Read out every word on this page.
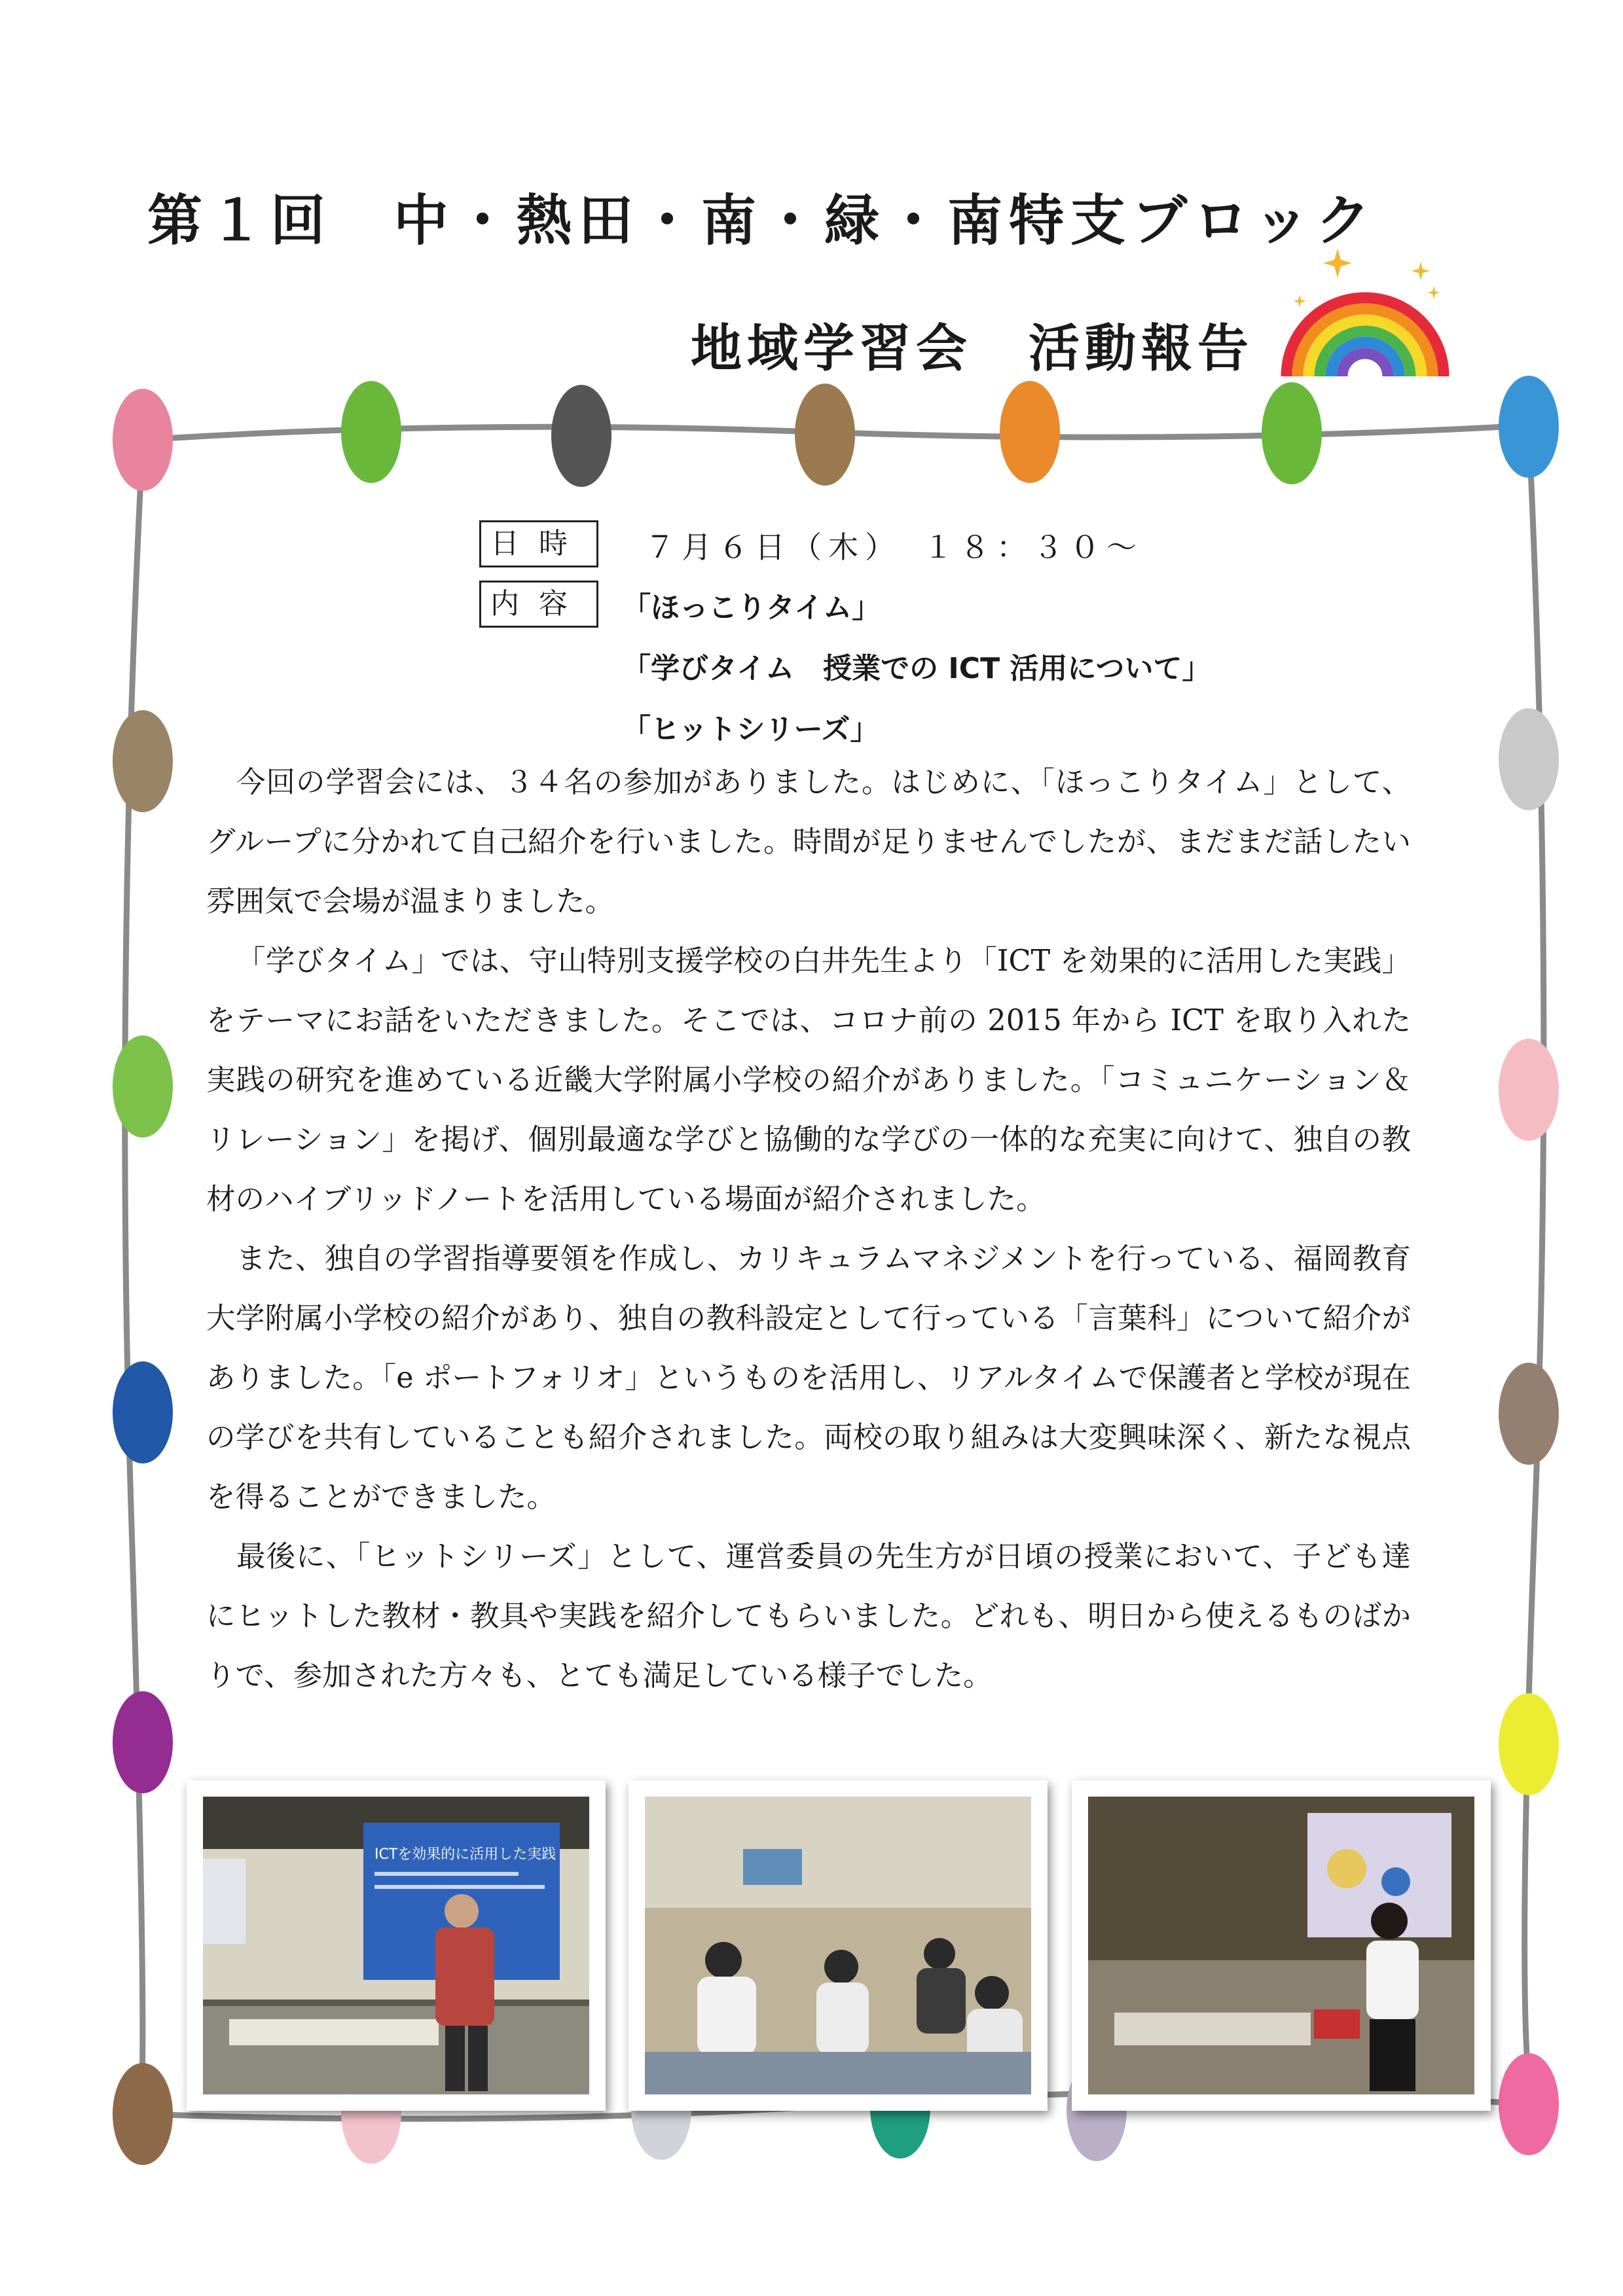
第１回　中・熱田・南・緑・南特支ブロック
地域学習会　活動報告
日時	７月６日（木）　１８：３０～
内容	「ほっこりタイム」
「学びタイム　授業での ICT 活用について」
「ヒットシリーズ」

今回の学習会には、３４名の参加がありました。はじめに、「ほっこりタイム」として、グループに分かれて自己紹介を行いました。時間が足りませんでしたが、まだまだ話したい雰囲気で会場が温まりました。

「学びタイム」では、守山特別支援学校の白井先生より「ICT を効果的に活用した実践」をテーマにお話をいただきました。そこでは、コロナ前の 2015 年から ICT を取り入れた実践の研究を進めている近畿大学附属小学校の紹介がありました。「コミュニケーション＆リレーション」を掲げ、個別最適な学びと協働的な学びの一体的な充実に向けて、独自の教材のハイブリッドノートを活用している場面が紹介されました。

また、独自の学習指導要領を作成し、カリキュラムマネジメントを行っている、福岡教育大学附属小学校の紹介があり、独自の教科設定として行っている「言葉科」について紹介がありました。「e ポートフォリオ」というものを活用し、リアルタイムで保護者と学校が現在の学びを共有していることも紹介されました。両校の取り組みは大変興味深く、新たな視点を得ることができました。

最後に、「ヒットシリーズ」として、運営委員の先生方が日頃の授業において、子ども達にヒットした教材・教具や実践を紹介してもらいました。どれも、明日から使えるものばかりで、参加された方々も、とても満足している様子でした。

ICTを効果的に活用した実践
